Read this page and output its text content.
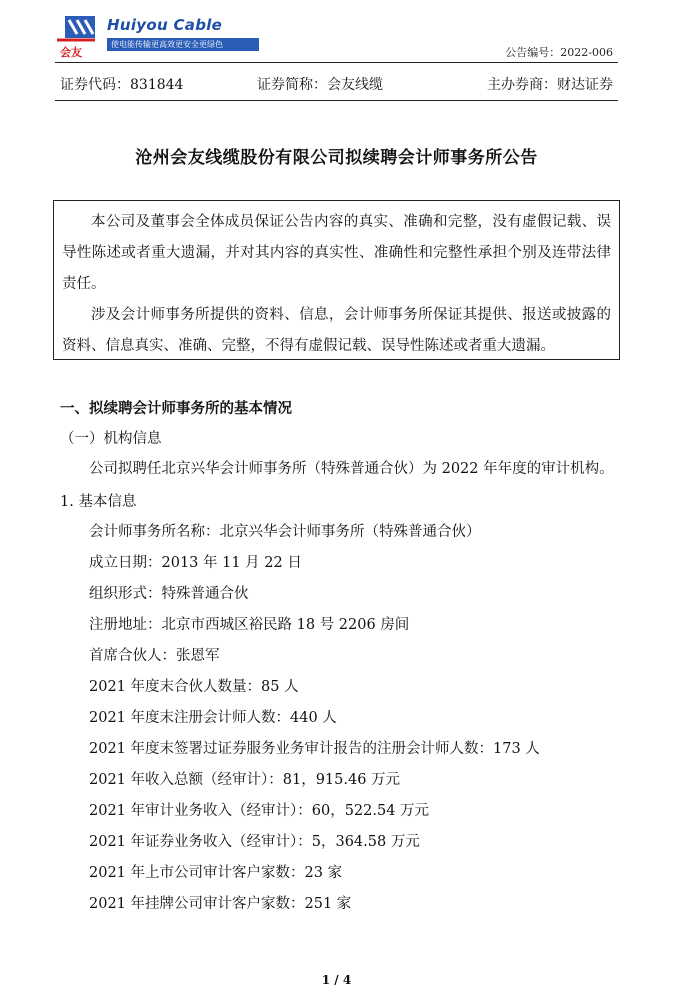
会友
Huiyou Cable
使电能传输更高效更安全更绿色
公告编号：2022-006
证券代码：831844	证券简称：会友线缆	主办券商：财达证券
沧州会友线缆股份有限公司拟续聘会计师事务所公告

本公司及董事会全体成员保证公告内容的真实、准确和完整，没有虚假记载、误导性陈述或者重大遗漏，并对其内容的真实性、准确性和完整性承担个别及连带法律责任。

涉及会计师事务所提供的资料、信息，会计师事务所保证其提供、报送或披露的资料、信息真实、准确、完整，不得有虚假记载、误导性陈述或者重大遗漏。

一、拟续聘会计师事务所的基本情况
（一）机构信息

公司拟聘任北京兴华会计师事务所（特殊普通合伙）为 2022 年年度的审计机构。

1. 基本信息
会计师事务所名称：北京兴华会计师事务所（特殊普通合伙）
成立日期：2013 年 11 月 22 日
组织形式：特殊普通合伙
注册地址：北京市西城区裕民路 18 号 2206 房间
首席合伙人：张恩军
2021 年度末合伙人数量：85 人
2021 年度末注册会计师人数：440 人
2021 年度末签署过证券服务业务审计报告的注册会计师人数：173 人
2021 年收入总额（经审计）：81，915.46 万元
2021 年审计业务收入（经审计）：60，522.54 万元
2021 年证券业务收入（经审计）：5，364.58 万元
2021 年上市公司审计客户家数：23 家
2021 年挂牌公司审计客户家数：251 家
1 / 4
